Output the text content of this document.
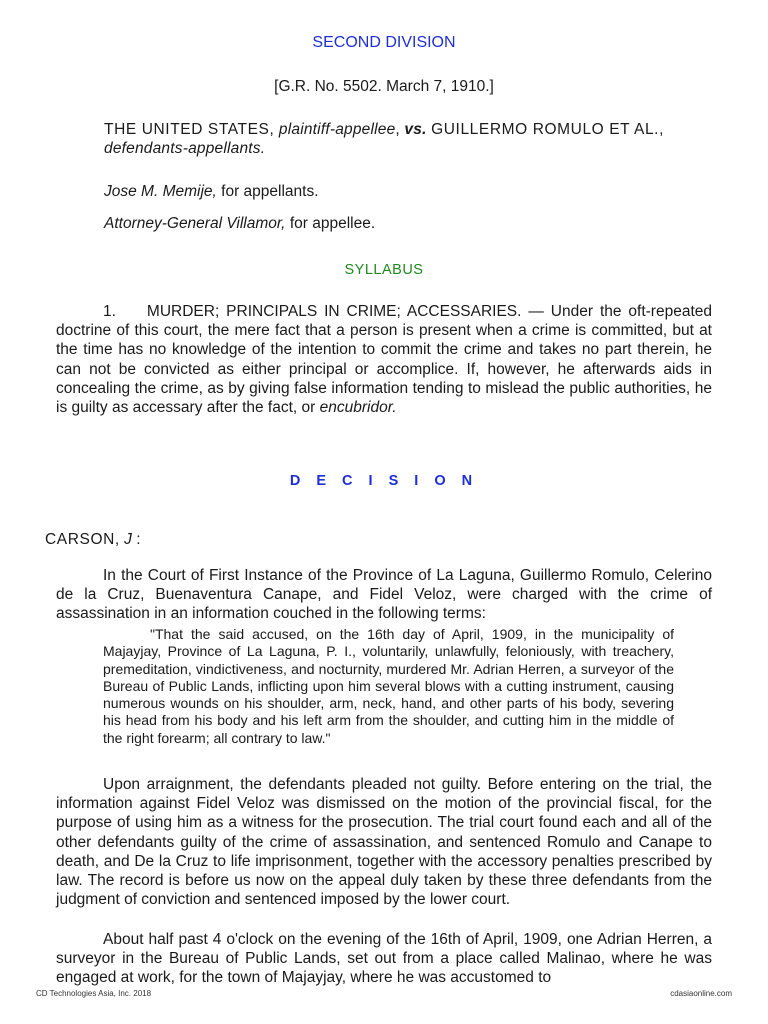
SECOND DIVISION
[G.R. No. 5502. March 7, 1910.]
THE UNITED STATES, plaintiff-appellee, vs. GUILLERMO ROMULO ET AL., defendants-appellants.
Jose M. Memije, for appellants.
Attorney-General Villamor, for appellee.
SYLLABUS
1.  MURDER; PRINCIPALS IN CRIME; ACCESSARIES. — Under the oft-repeated doctrine of this court, the mere fact that a person is present when a crime is committed, but at the time has no knowledge of the intention to commit the crime and takes no part therein, he can not be convicted as either principal or accomplice. If, however, he afterwards aids in concealing the crime, as by giving false information tending to mislead the public authorities, he is guilty as accessary after the fact, or encubridor.
D E C I S I O N
CARSON, J :

In the Court of First Instance of the Province of La Laguna, Guillermo Romulo, Celerino de la Cruz, Buenaventura Canape, and Fidel Veloz, were charged with the crime of assassination in an information couched in the following terms:

"That the said accused, on the 16th day of April, 1909, in the municipality of Majayjay, Province of La Laguna, P. I., voluntarily, unlawfully, feloniously, with treachery, premeditation, vindictiveness, and nocturnity, murdered Mr. Adrian Herren, a surveyor of the Bureau of Public Lands, inflicting upon him several blows with a cutting instrument, causing numerous wounds on his shoulder, arm, neck, hand, and other parts of his body, severing his head from his body and his left arm from the shoulder, and cutting him in the middle of the right forearm; all contrary to law."

Upon arraignment, the defendants pleaded not guilty. Before entering on the trial, the information against Fidel Veloz was dismissed on the motion of the provincial fiscal, for the purpose of using him as a witness for the prosecution. The trial court found each and all of the other defendants guilty of the crime of assassination, and sentenced Romulo and Canape to death, and De la Cruz to life imprisonment, together with the accessory penalties prescribed by law. The record is before us now on the appeal duly taken by these three defendants from the judgment of conviction and sentenced imposed by the lower court.

About half past 4 o'clock on the evening of the 16th of April, 1909, one Adrian Herren, a surveyor in the Bureau of Public Lands, set out from a place called Malinao, where he was engaged at work, for the town of Majayjay, where he was accustomed to

CD Technologies Asia, Inc. 2018	cdasiaonline.com
